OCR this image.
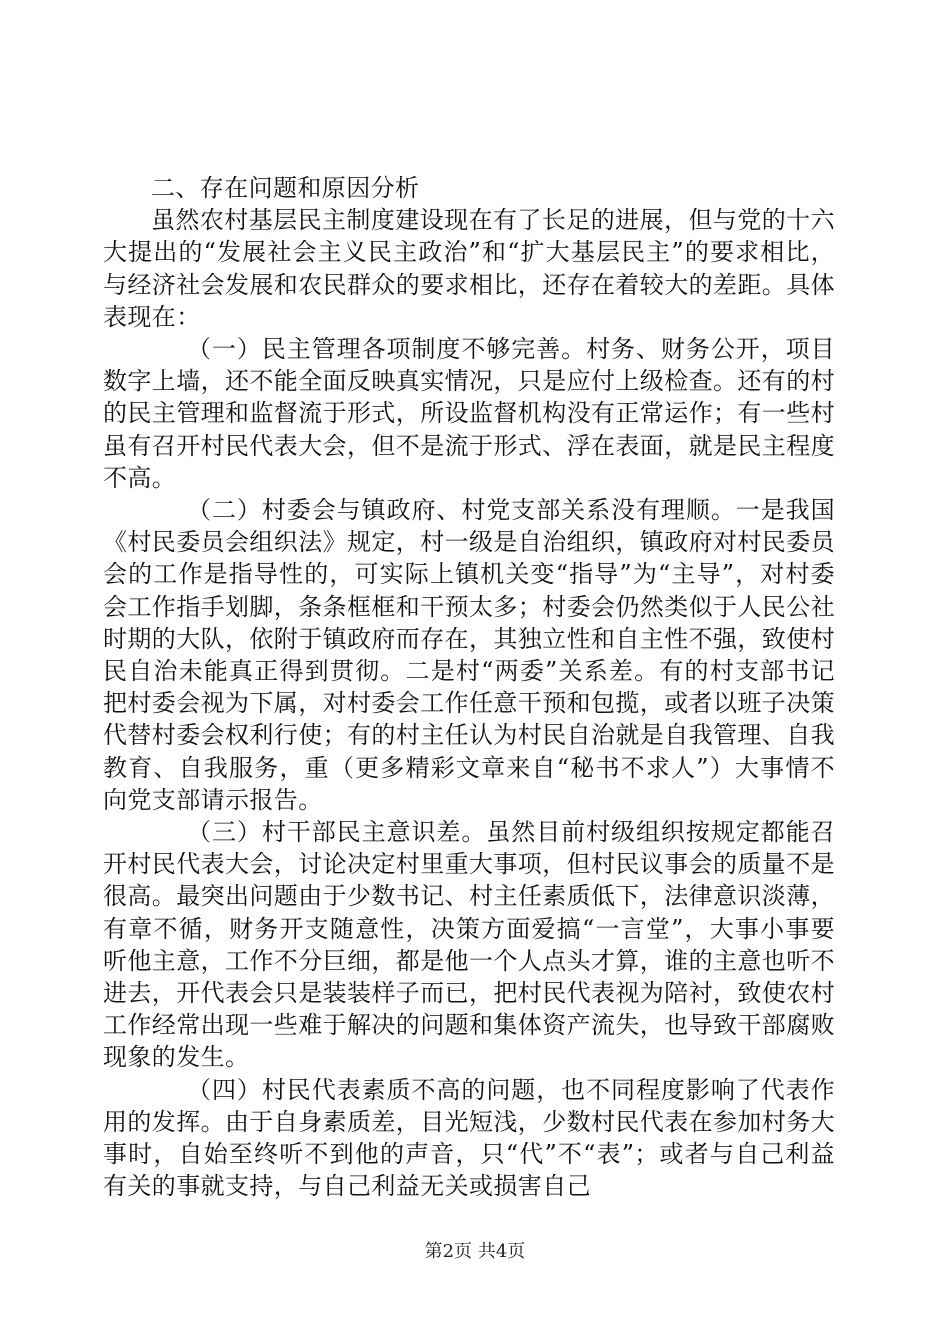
二、存在问题和原因分析

虽然农村基层民主制度建设现在有了长足的进展，但与党的十六大提出的“发展社会主义民主政治”和“扩大基层民主”的要求相比，与经济社会发展和农民群众的要求相比，还存在着较大的差距。具体表现在：

（一）民主管理各项制度不够完善。村务、财务公开，项目数字上墙，还不能全面反映真实情况，只是应付上级检查。还有的村的民主管理和监督流于形式，所设监督机构没有正常运作；有一些村虽有召开村民代表大会，但不是流于形式、浮在表面，就是民主程度不高。

（二）村委会与镇政府、村党支部关系没有理顺。一是我国《村民委员会组织法》规定，村一级是自治组织，镇政府对村民委员会的工作是指导性的，可实际上镇机关变“指导”为“主导”，对村委会工作指手划脚，条条框框和干预太多；村委会仍然类似于人民公社时期的大队，依附于镇政府而存在，其独立性和自主性不强，致使村民自治未能真正得到贯彻。二是村“两委”关系差。有的村支部书记把村委会视为下属，对村委会工作任意干预和包揽，或者以班子决策代替村委会权利行使；有的村主任认为村民自治就是自我管理、自我教育、自我服务，重（更多精彩文章来自“秘书不求人”）大事情不向党支部请示报告。

（三）村干部民主意识差。虽然目前村级组织按规定都能召开村民代表大会，讨论决定村里重大事项，但村民议事会的质量不是很高。最突出问题由于少数书记、村主任素质低下，法律意识淡薄，有章不循，财务开支随意性，决策方面爱搞“一言堂”，大事小事要听他主意，工作不分巨细，都是他一个人点头才算，谁的主意也听不进去，开代表会只是装装样子而已，把村民代表视为陪衬，致使农村工作经常出现一些难于解决的问题和集体资产流失，也导致干部腐败现象的发生。

（四）村民代表素质不高的问题，也不同程度影响了代表作用的发挥。由于自身素质差，目光短浅，少数村民代表在参加村务大事时，自始至终听不到他的声音，只“代”不“表”；或者与自己利益有关的事就支持，与自己利益无关或损害自己

第2页 共4页
